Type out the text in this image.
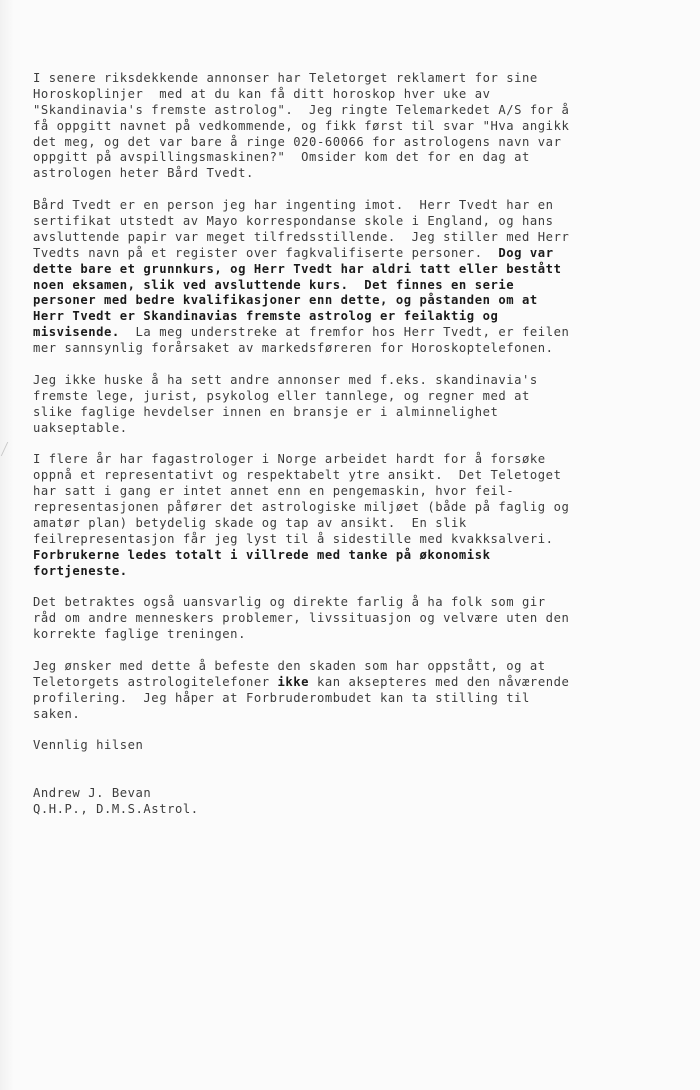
I senere riksdekkende annonser har Teletorget reklamert for sine
Horoskoplinjer  med at du kan få ditt horoskop hver uke av
"Skandinavia's fremste astrolog".  Jeg ringte Telemarkedet A/S for å
få oppgitt navnet på vedkommende, og fikk først til svar "Hva angikk
det meg, og det var bare å ringe 020-60066 for astrologens navn var
oppgitt på avspillingsmaskinen?"  Omsider kom det for en dag at
astrologen heter Bård Tvedt.
Bård Tvedt er en person jeg har ingenting imot.  Herr Tvedt har en
sertifikat utstedt av Mayo korrespondanse skole i England, og hans
avsluttende papir var meget tilfredsstillende.  Jeg stiller med Herr
Tvedts navn på et register over fagkvalifiserte personer.  Dog var
dette bare et grunnkurs, og Herr Tvedt har aldri tatt eller bestått
noen eksamen, slik ved avsluttende kurs.  Det finnes en serie
personer med bedre kvalifikasjoner enn dette, og påstanden om at
Herr Tvedt er Skandinavias fremste astrolog er feilaktig og
misvisende.  La meg understreke at fremfor hos Herr Tvedt, er feilen
mer sannsynlig forårsaket av markedsføreren for Horoskoptelefonen.
Jeg ikke huske å ha sett andre annonser med f.eks. skandinavia's
fremste lege, jurist, psykolog eller tannlege, og regner med at
slike faglige hevdelser innen en bransje er i alminnelighet
uakseptable.
I flere år har fagastrologer i Norge arbeidet hardt for å forsøke
oppnå et representativt og respektabelt ytre ansikt.  Det Teletoget
har satt i gang er intet annet enn en pengemaskin, hvor feil-
representasjonen påfører det astrologiske miljøet (både på faglig og
amatør plan) betydelig skade og tap av ansikt.  En slik
feilrepresentasjon får jeg lyst til å sidestille med kvakksalveri.
Forbrukerne ledes totalt i villrede med tanke på økonomisk
fortjeneste.
Det betraktes også uansvarlig og direkte farlig å ha folk som gir
råd om andre menneskers problemer, livssituasjon og velvære uten den
korrekte faglige treningen.
Jeg ønsker med dette å befeste den skaden som har oppstått, og at
Teletorgets astrologitelefoner ikke kan aksepteres med den nåværende
profilering.  Jeg håper at Forbruderombudet kan ta stilling til
saken.
Vennlig hilsen
Andrew J. Bevan
Q.H.P., D.M.S.Astrol.
